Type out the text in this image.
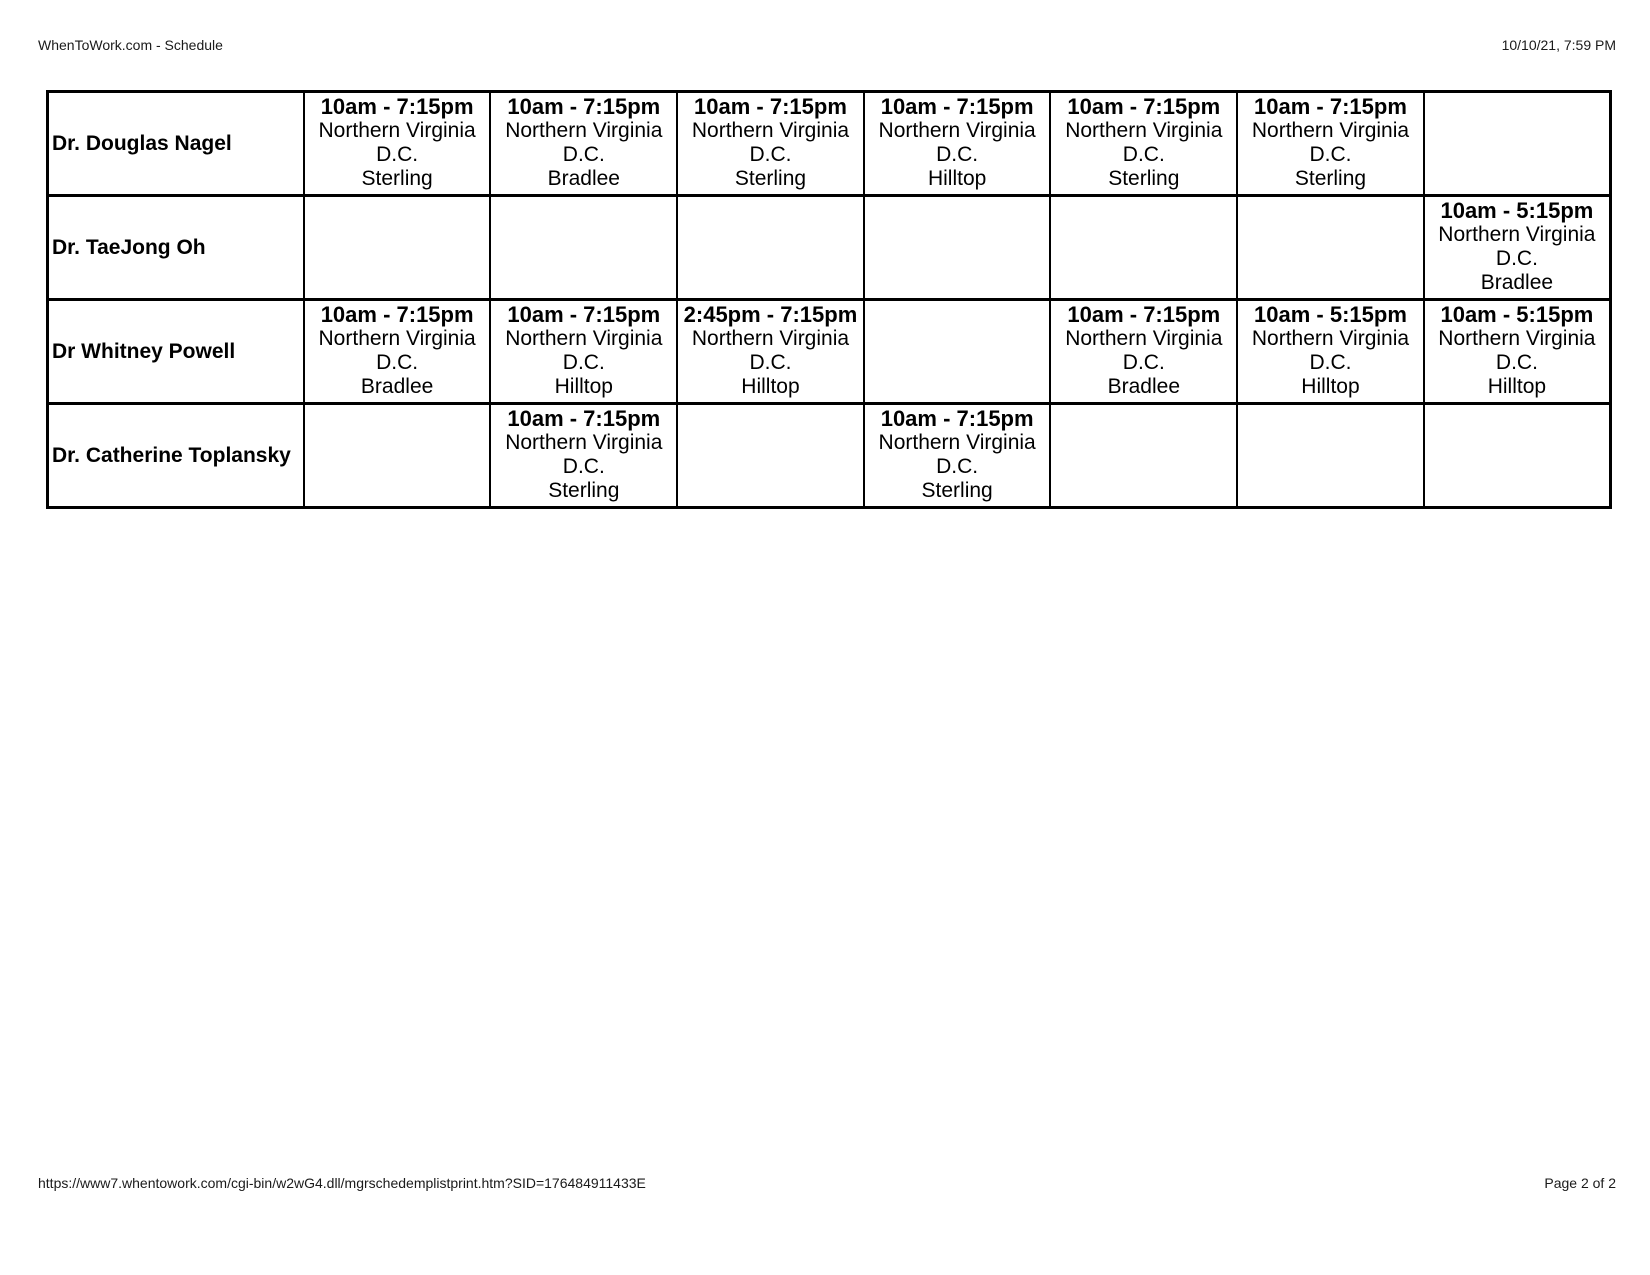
WhenToWork.com - Schedule	10/10/21, 7:59 PM
Dr. Douglas Nagel	10am - 7:15pm
Northern Virginia
D.C.
Sterling	10am - 7:15pm
Northern Virginia
D.C.
Bradlee	10am - 7:15pm
Northern Virginia
D.C.
Sterling	10am - 7:15pm
Northern Virginia
D.C.
Hilltop	10am - 7:15pm
Northern Virginia
D.C.
Sterling	10am - 7:15pm
Northern Virginia
D.C.
Sterling	

Dr. TaeJong Oh							10am - 5:15pm
Northern Virginia
D.C.
Bradlee

Dr Whitney Powell	10am - 7:15pm
Northern Virginia
D.C.
Bradlee	10am - 7:15pm
Northern Virginia
D.C.
Hilltop	2:45pm - 7:15pm
Northern Virginia
D.C.
Hilltop		10am - 7:15pm
Northern Virginia
D.C.
Bradlee	10am - 5:15pm
Northern Virginia
D.C.
Hilltop	10am - 5:15pm
Northern Virginia
D.C.
Hilltop

Dr. Catherine Toplansky		10am - 7:15pm
Northern Virginia
D.C.
Sterling		10am - 7:15pm
Northern Virginia
D.C.
Sterling			

https://www7.whentowork.com/cgi-bin/w2wG4.dll/mgrschedemplistprint.htm?SID=176484911433E	Page 2 of 2
